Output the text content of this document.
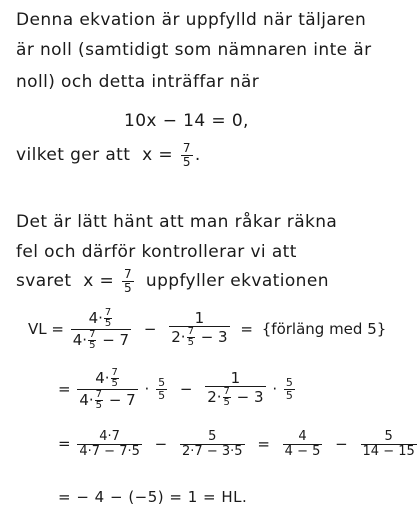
Denna ekvation är uppfylld när täljaren
är noll (samtidigt som nämnaren inte är
noll) och detta inträffar när
10x − 14 = 0,
vilket ger att $x = \frac{7}{5}$ .
Det är lätt hänt att man råkar räkna
fel och därför kontrollerar vi att
svaret $x = \frac{7}{5}$ uppfyller ekvationen
VL = $\frac{4\cdot \frac{7}{5}}{4\cdot \frac{7}{5} - 7} - \frac{1}{2\cdot \frac{7}{5} - 3}$ = {förläng med 5}
= $\frac{4\cdot \frac{7}{5}}{4\cdot \frac{7}{5} - 7} \cdot \frac{5}{5} - \frac{1}{2\cdot \frac{7}{5} - 3} \cdot \frac{5}{5}$
= $\frac{4\cdot 7}{4\cdot 7 - 7\cdot 5} - \frac{5}{2\cdot 7 - 3\cdot 5} = \frac{4}{4 - 5} - \frac{5}{14 - 15}$
= − 4 − (−5) = 1 = HL.
